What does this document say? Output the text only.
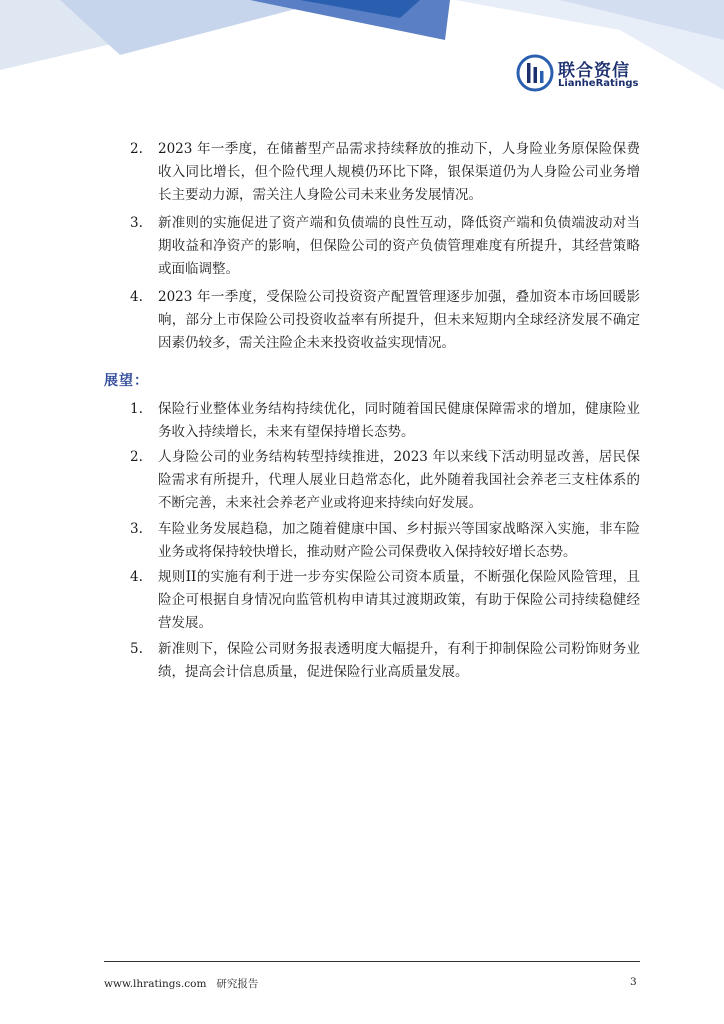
联合资信
LianheRatings
2.	2023 年一季度，在储蓄型产品需求持续释放的推动下，人身险业务原保险保费收入同比增长，但个险代理人规模仍环比下降，银保渠道仍为人身险公司业务增长主要动力源，需关注人身险公司未来业务发展情况。
3.	新准则的实施促进了资产端和负债端的良性互动，降低资产端和负债端波动对当期收益和净资产的影响，但保险公司的资产负债管理难度有所提升，其经营策略或面临调整。
4.	2023 年一季度，受保险公司投资资产配置管理逐步加强，叠加资本市场回暖影响，部分上市保险公司投资收益率有所提升，但未来短期内全球经济发展不确定因素仍较多，需关注险企未来投资收益实现情况。
展望：
1.	保险行业整体业务结构持续优化，同时随着国民健康保障需求的增加，健康险业务收入持续增长，未来有望保持增长态势。
2.	人身险公司的业务结构转型持续推进，2023 年以来线下活动明显改善，居民保险需求有所提升，代理人展业日趋常态化，此外随着我国社会养老三支柱体系的不断完善，未来社会养老产业或将迎来持续向好发展。
3.	车险业务发展趋稳，加之随着健康中国、乡村振兴等国家战略深入实施，非车险业务或将保持较快增长，推动财产险公司保费收入保持较好增长态势。
4.	规则II的实施有利于进一步夯实保险公司资本质量，不断强化保险风险管理，且险企可根据自身情况向监管机构申请其过渡期政策，有助于保险公司持续稳健经营发展。
5.	新准则下，保险公司财务报表透明度大幅提升，有利于抑制保险公司粉饰财务业绩，提高会计信息质量，促进保险行业高质量发展。
www.lhratings.com 研究报告	3
